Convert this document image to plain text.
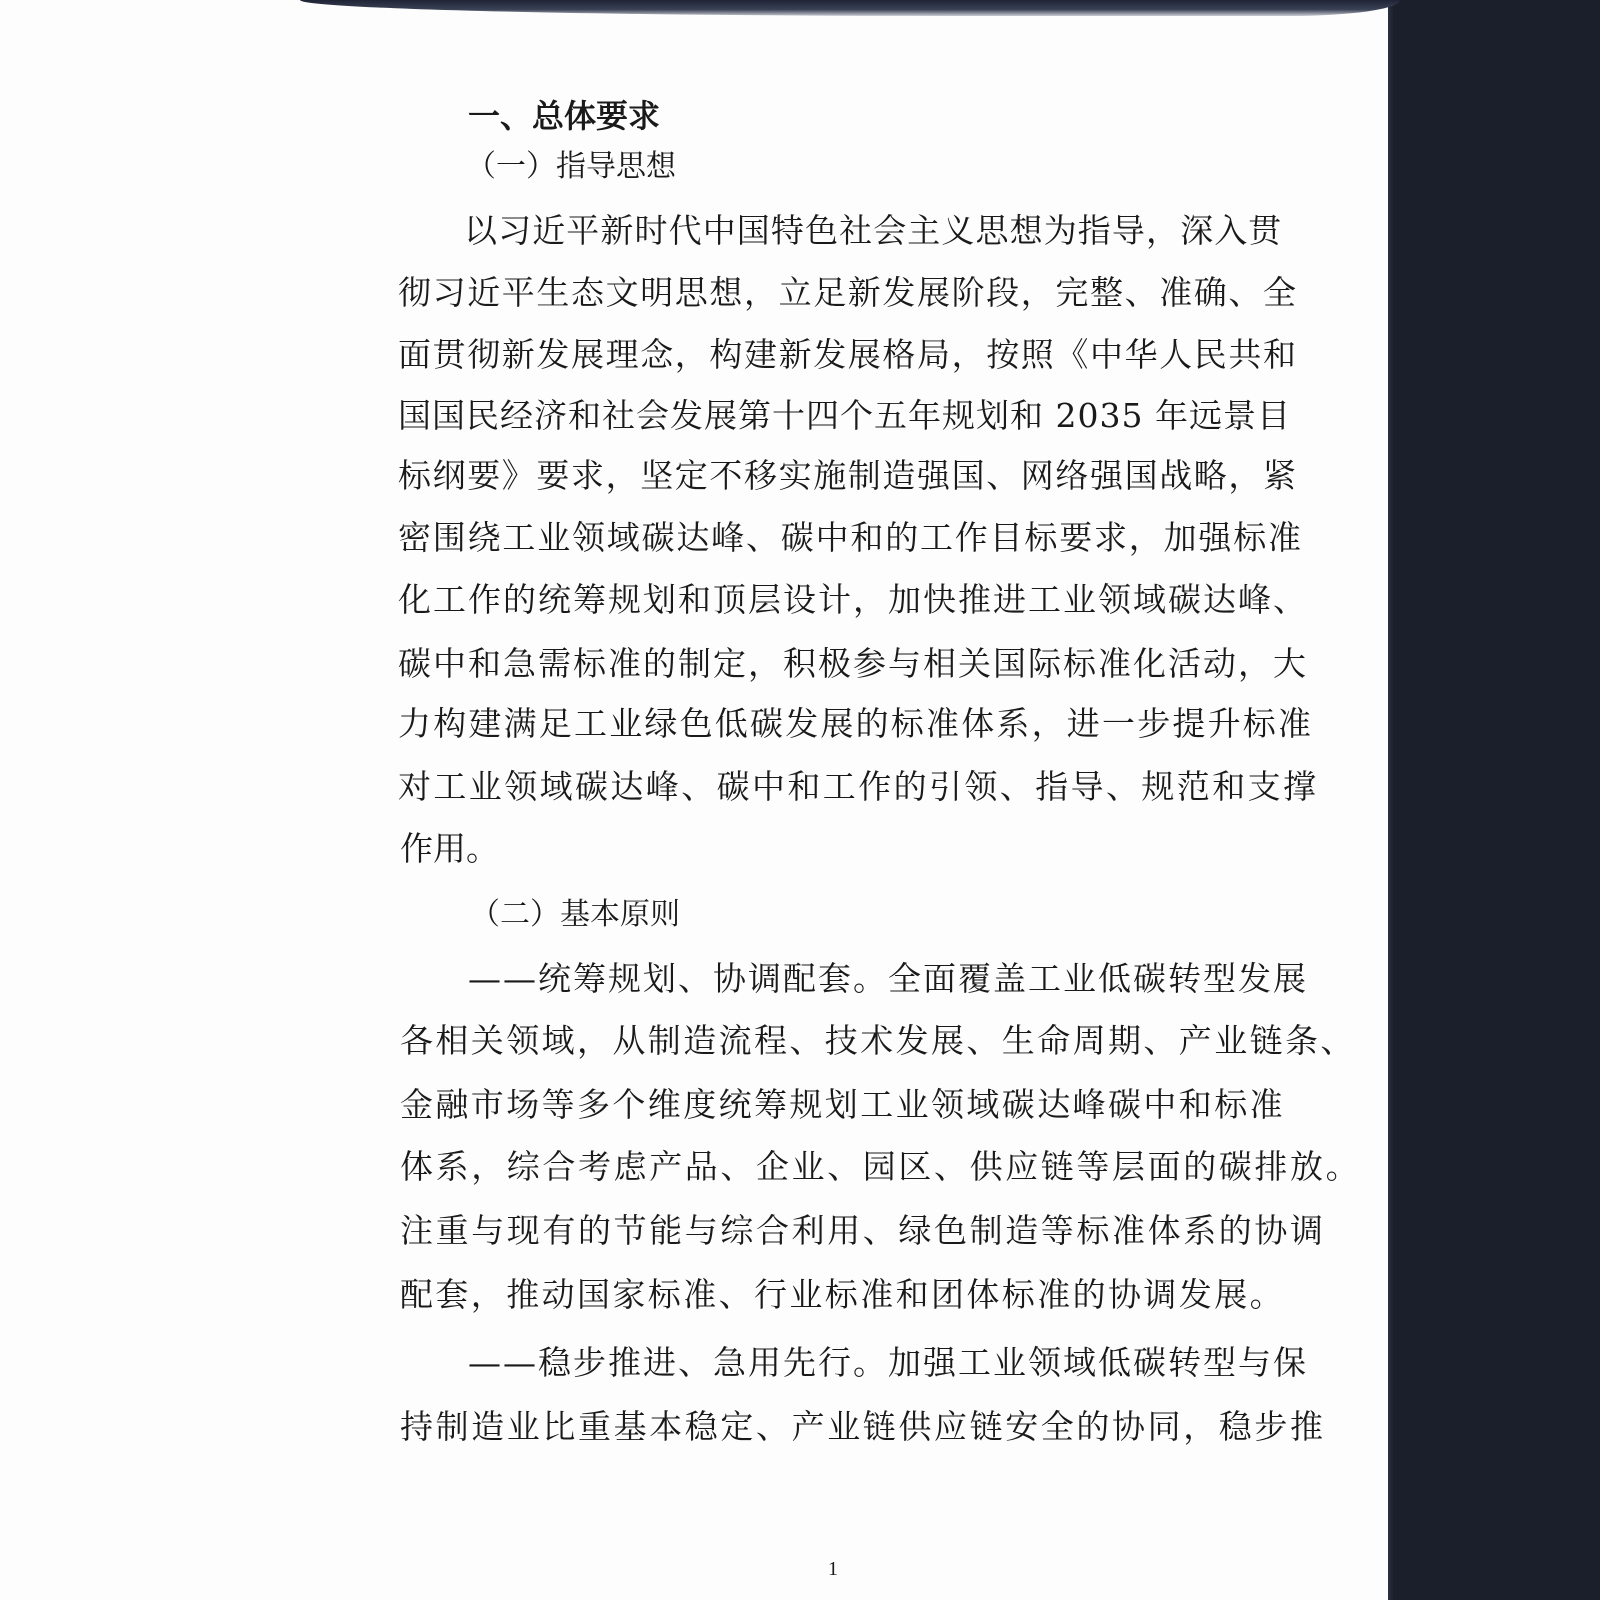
一、总体要求
（一）指导思想
以习近平新时代中国特色社会主义思想为指导，深入贯
彻习近平生态文明思想，立足新发展阶段，完整、准确、全
面贯彻新发展理念，构建新发展格局，按照《中华人民共和
国国民经济和社会发展第十四个五年规划和 2035 年远景目
标纲要》要求，坚定不移实施制造强国、网络强国战略，紧
密围绕工业领域碳达峰、碳中和的工作目标要求，加强标准
化工作的统筹规划和顶层设计，加快推进工业领域碳达峰、
碳中和急需标准的制定，积极参与相关国际标准化活动，大
力构建满足工业绿色低碳发展的标准体系，进一步提升标准
对工业领域碳达峰、碳中和工作的引领、指导、规范和支撑
作用。
（二）基本原则
——统筹规划、协调配套。全面覆盖工业低碳转型发展
各相关领域，从制造流程、技术发展、生命周期、产业链条、
金融市场等多个维度统筹规划工业领域碳达峰碳中和标准
体系，综合考虑产品、企业、园区、供应链等层面的碳排放。
注重与现有的节能与综合利用、绿色制造等标准体系的协调
配套，推动国家标准、行业标准和团体标准的协调发展。
——稳步推进、急用先行。加强工业领域低碳转型与保
持制造业比重基本稳定、产业链供应链安全的协同，稳步推
1
